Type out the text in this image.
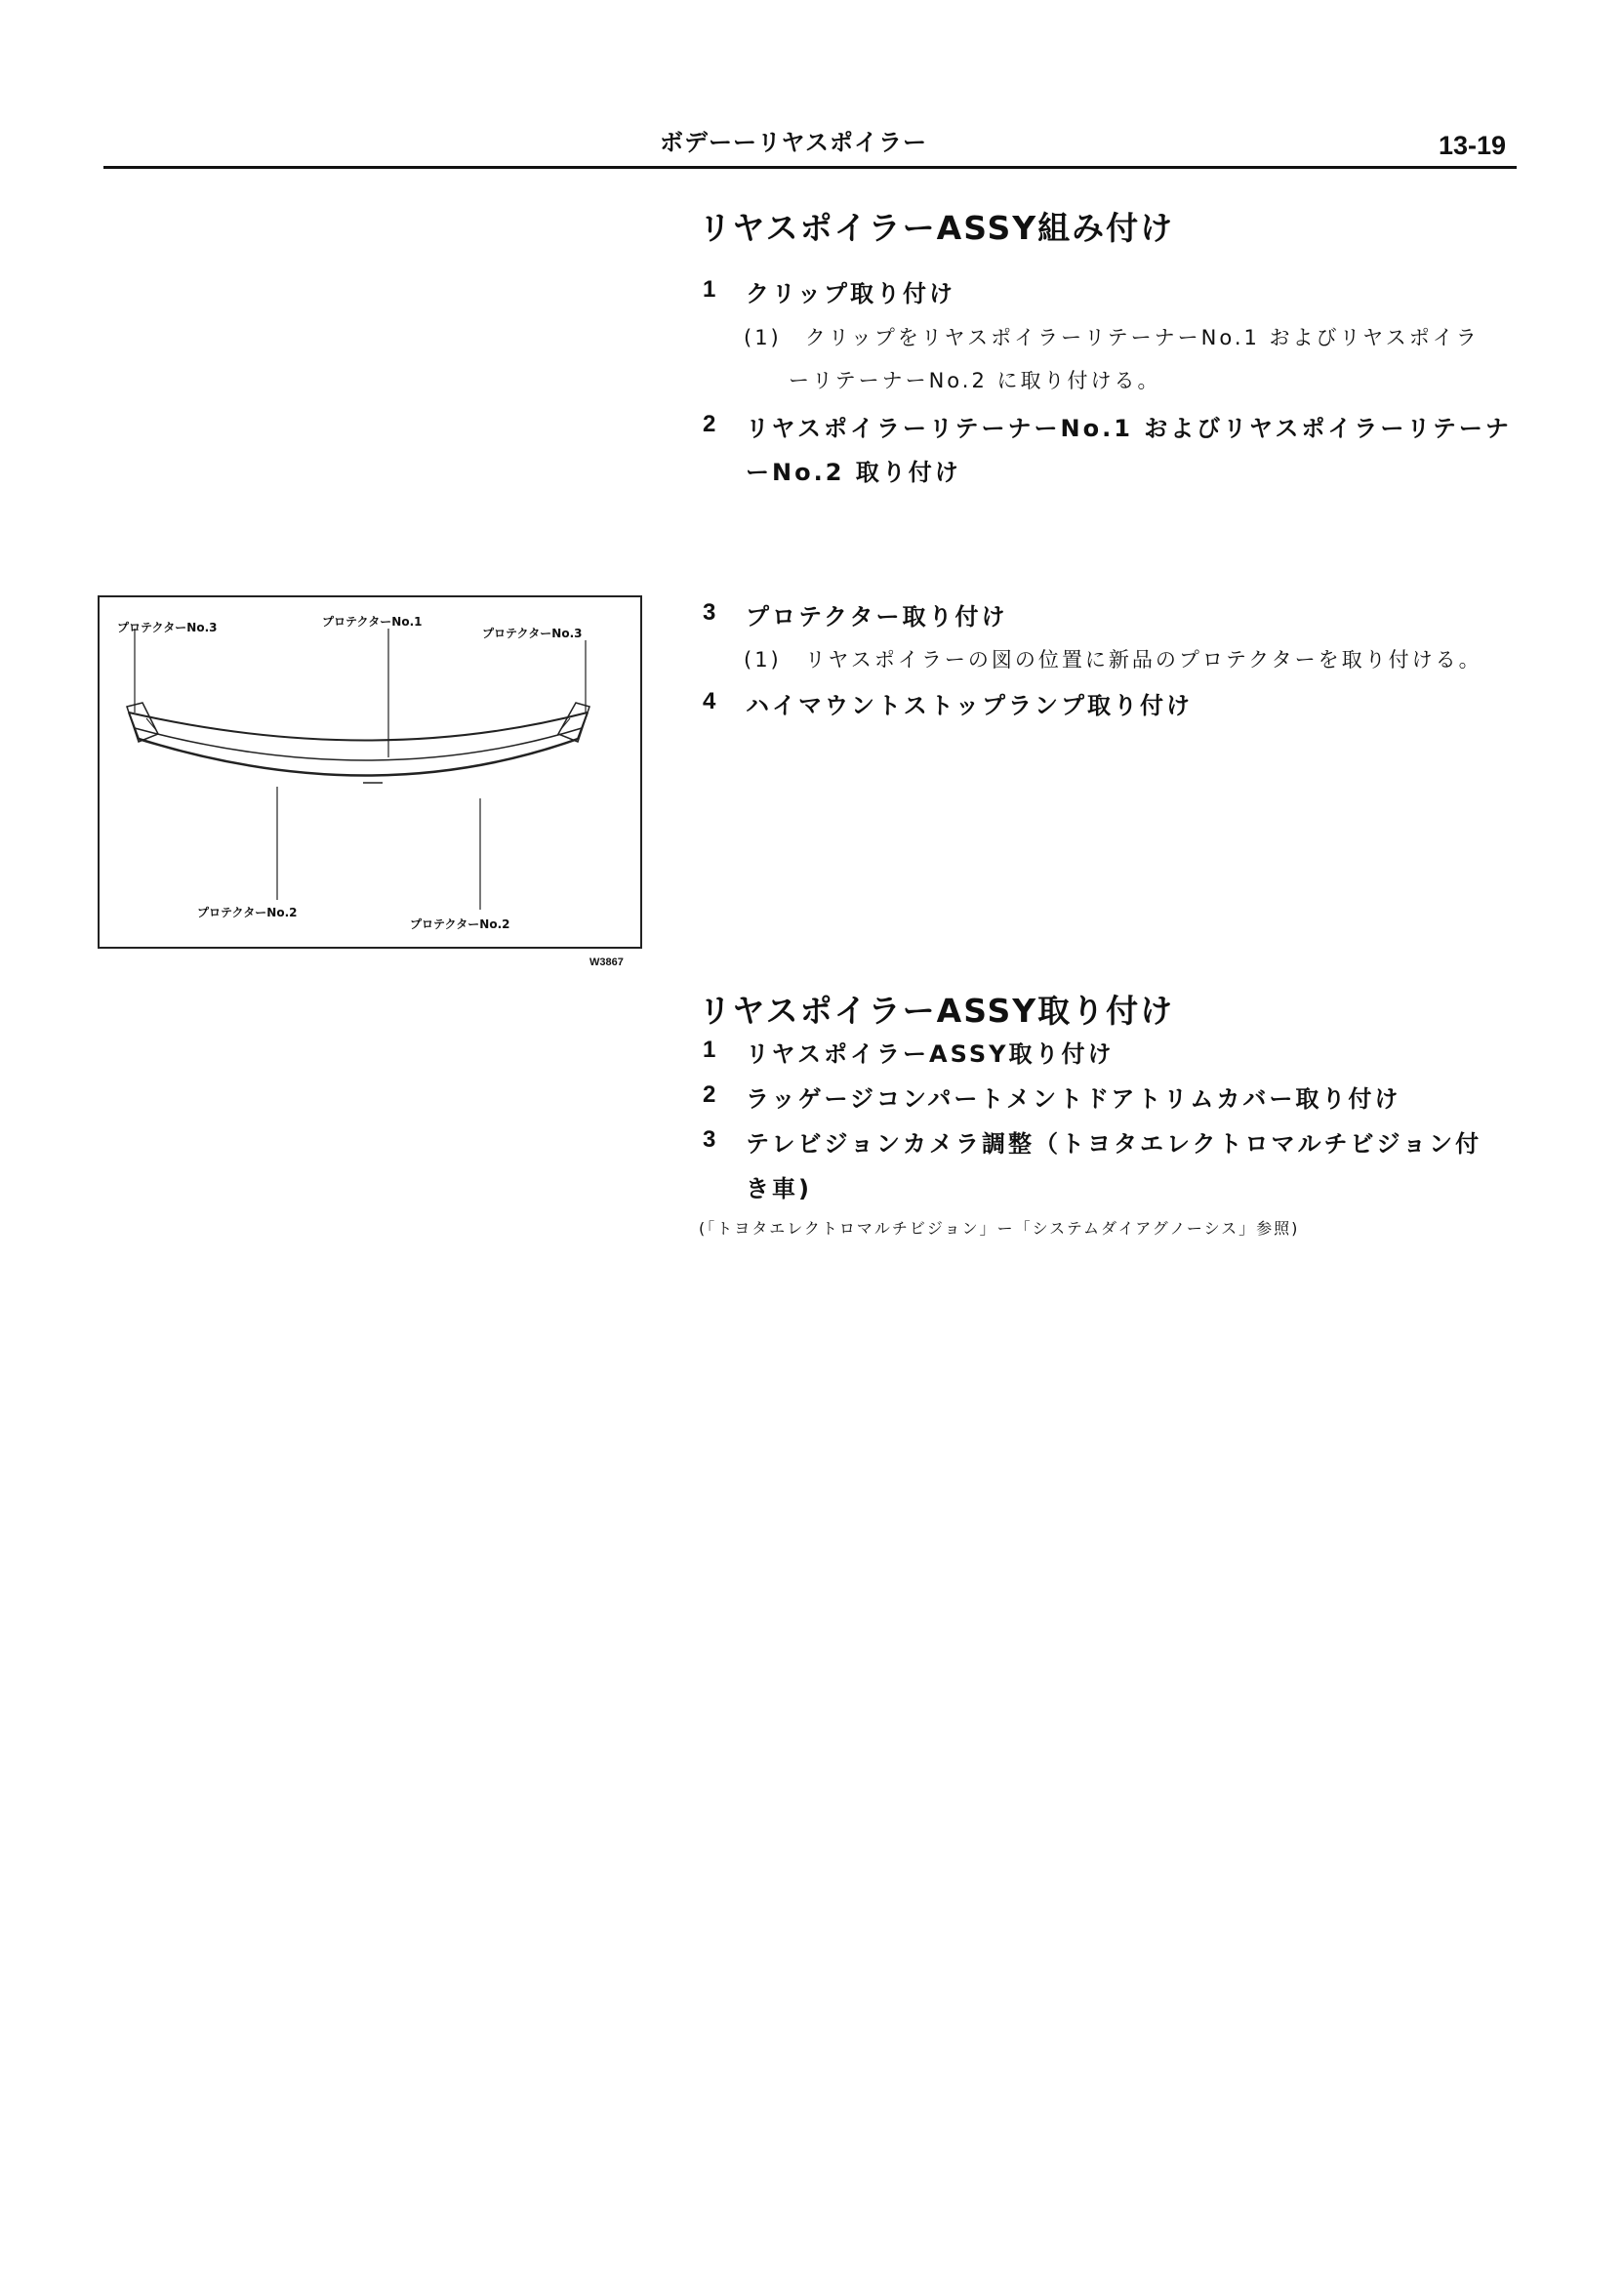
ボデーーリヤスポイラー	13-19
リヤスポイラーASSY組み付け
1 クリップ取り付け
(1)　クリップをリヤスポイラーリテーナーNo.1 およびリヤスポイラ
ーリテーナーNo.2 に取り付ける。
2 リヤスポイラーリテーナーNo.1 およびリヤスポイラーリテーナ
ーNo.2 取り付け
3 プロテクター取り付け
(1)　リヤスポイラーの図の位置に新品のプロテクターを取り付ける。
4 ハイマウントストップランプ取り付け
プロテクターNo.3	プロテクターNo.1
プロテクターNo.3
プロテクターNo.2
プロテクターNo.2
W3867
リヤスポイラーASSY取り付け
1 リヤスポイラーASSY取り付け
2 ラッゲージコンパートメントドアトリムカバー取り付け
3 テレビジョンカメラ調整（トヨタエレクトロマルチビジョン付
き車)
(「トヨタエレクトロマルチビジョン」ー「システムダイアグノーシス」参照)
